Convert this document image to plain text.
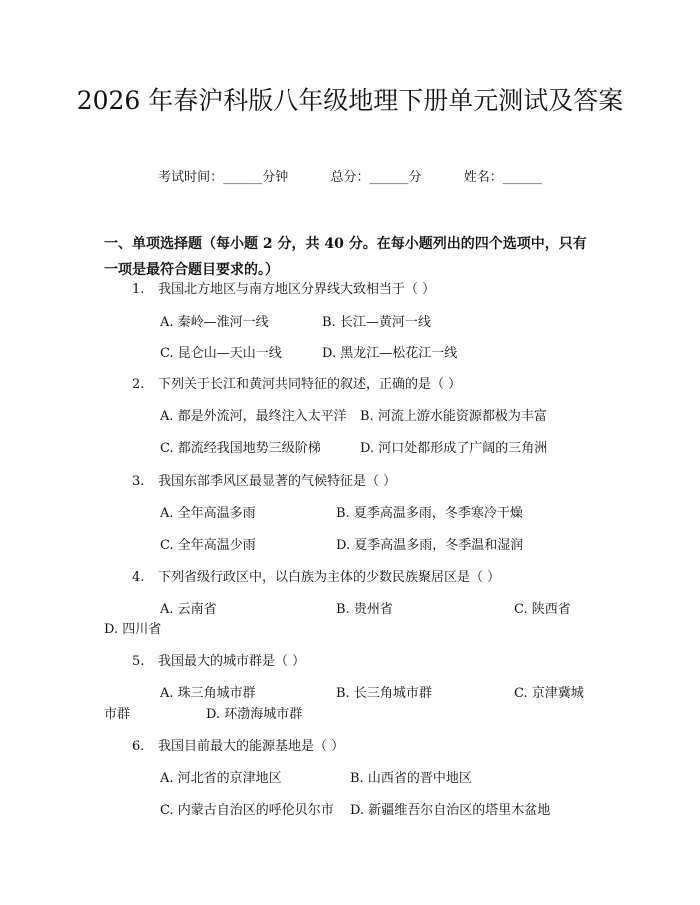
2026 年春沪科版八年级地理下册单元测试及答案
考试时间：______分钟	总分：______分	姓名：______
一、单项选择题（每小题 2 分，共 40 分。在每小题列出的四个选项中，只有一项是最符合题目要求的。）
1. 我国北方地区与南方地区分界线大致相当于（ ）
A. 秦岭—淮河一线	B. 长江—黄河一线
C. 昆仑山—天山一线	D. 黑龙江—松花江一线
2. 下列关于长江和黄河共同特征的叙述，正确的是（ ）
A. 都是外流河，最终注入太平洋 B. 河流上游水能资源都极为丰富
C. 都流经我国地势三级阶梯	D. 河口处都形成了广阔的三角洲
3. 我国东部季风区最显著的气候特征是（ ）
A. 全年高温多雨	B. 夏季高温多雨，冬季寒冷干燥
C. 全年高温少雨	D. 夏季高温多雨，冬季温和湿润
4. 下列省级行政区中，以白族为主体的少数民族聚居区是（ ）
A. 云南省	B. 贵州省	C. 陕西省
D. 四川省
5. 我国最大的城市群是（ ）
A. 珠三角城市群	B. 长三角城市群	C. 京津冀城
市群	D. 环渤海城市群
6. 我国目前最大的能源基地是（ ）
A. 河北省的京津地区	B. 山西省的晋中地区
C. 内蒙古自治区的呼伦贝尔市 D. 新疆维吾尔自治区的塔里木盆地
